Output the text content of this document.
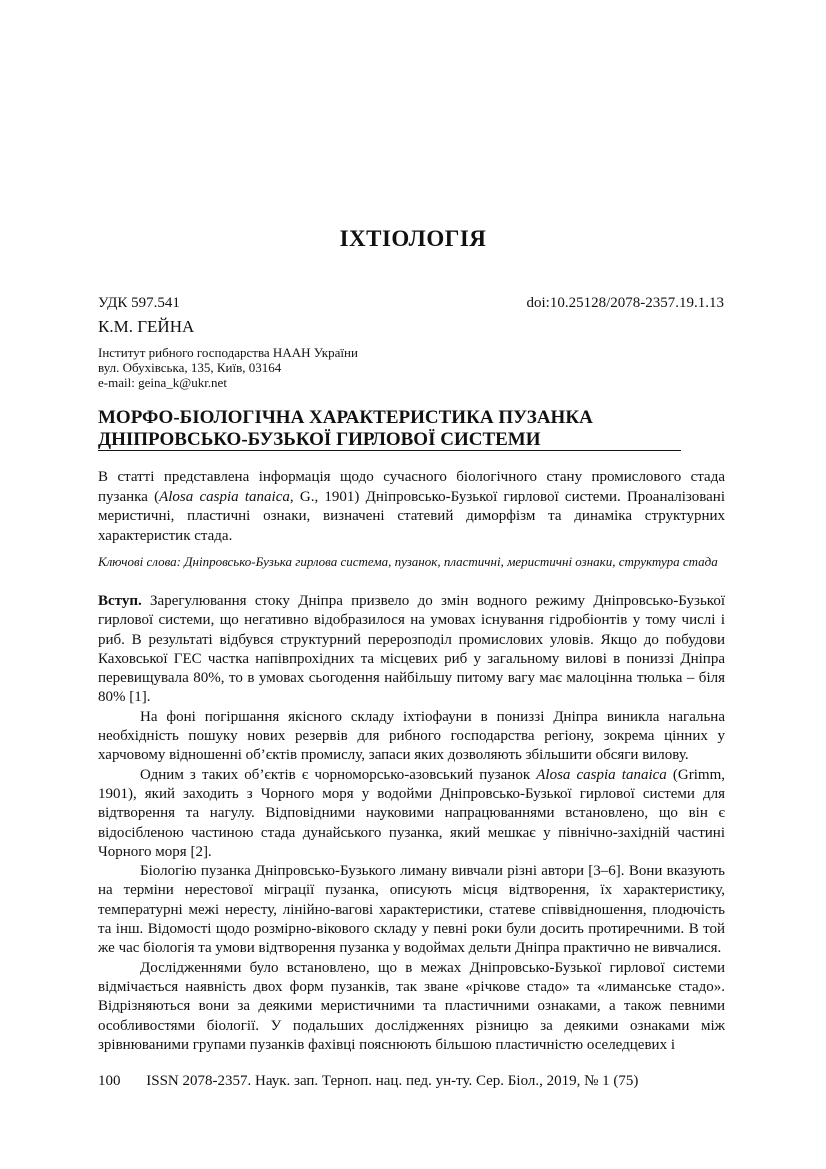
ІХТІОЛОГІЯ
УДК 597.541	doi:10.25128/2078-2357.19.1.13
К.М. ГЕЙНА
Інститут рибного господарства НААН України
вул. Обухівська, 135, Київ, 03164
e-mail: geina_k@ukr.net
МОРФО-БІОЛОГІЧНА ХАРАКТЕРИСТИКА ПУЗАНКА
ДНІПРОВСЬКО-БУЗЬКОЇ ГИРЛОВОЇ СИСТЕМИ

В статті представлена інформація щодо сучасного біологічного стану промислового стада пузанка (Alosa caspia tanaica, G., 1901) Дніпровсько-Бузької гирлової системи. Проаналізовані меристичні, пластичні ознаки, визначені статевий диморфізм та динаміка структурних характеристик стада.

Ключові слова: Дніпровсько-Бузька гирлова система, пузанок, пластичні, меристичні ознаки, структура стада

Вступ. Зарегулювання стоку Дніпра призвело до змін водного режиму Дніпровсько-Бузької гирлової системи, що негативно відобразилося на умовах існування гідробіонтів у тому числі і риб. В результаті відбувся структурний перерозподіл промислових уловів. Якщо до побудови Каховської ГЕС частка напівпрохідних та місцевих риб у загальному вилові в пониззі Дніпра перевищувала 80%, то в умовах сьогодення найбільшу питому вагу має малоцінна тюлька – біля 80% [1].

На фоні погіршання якісного складу іхтіофауни в пониззі Дніпра виникла нагальна необхідність пошуку нових резервів для рибного господарства регіону, зокрема цінних у харчовому відношенні об’єктів промислу, запаси яких дозволяють збільшити обсяги вилову.

Одним з таких об’єктів є чорноморсько-азовський пузанок Alosa caspia tanaica (Grimm, 1901), який заходить з Чорного моря у водойми Дніпровсько-Бузької гирлової системи для відтворення та нагулу. Відповідними науковими напрацюваннями встановлено, що він є відосібленою частиною стада дунайського пузанка, який мешкає у північно-західній частині Чорного моря [2].

Біологію пузанка Дніпровсько-Бузького лиману вивчали різні автори [3–6]. Вони вказують на терміни нерестової міграції пузанка, описують місця відтворення, їх характеристику, температурні межі нересту, лінійно-вагові характеристики, статеве співвідношення, плодючість та інш. Відомості щодо розмірно-вікового складу у певні роки були досить протиречними. В той же час біологія та умови відтворення пузанка у водоймах дельти Дніпра практично не вивчалися.

Дослідженнями було встановлено, що в межах Дніпровсько-Бузької гирлової системи відмічається наявність двох форм пузанків, так зване «річкове стадо» та «лиманське стадо». Відрізняються вони за деякими меристичними та пластичними ознаками, а також певними особливостями біології. У подальших дослідженнях різницю за деякими ознаками між зрівнюваними групами пузанків фахівці пояснюють більшою пластичністю оселедцевих і

100 ISSN 2078-2357. Наук. зап. Терноп. нац. пед. ун-ту. Сер. Біол., 2019, № 1 (75)
